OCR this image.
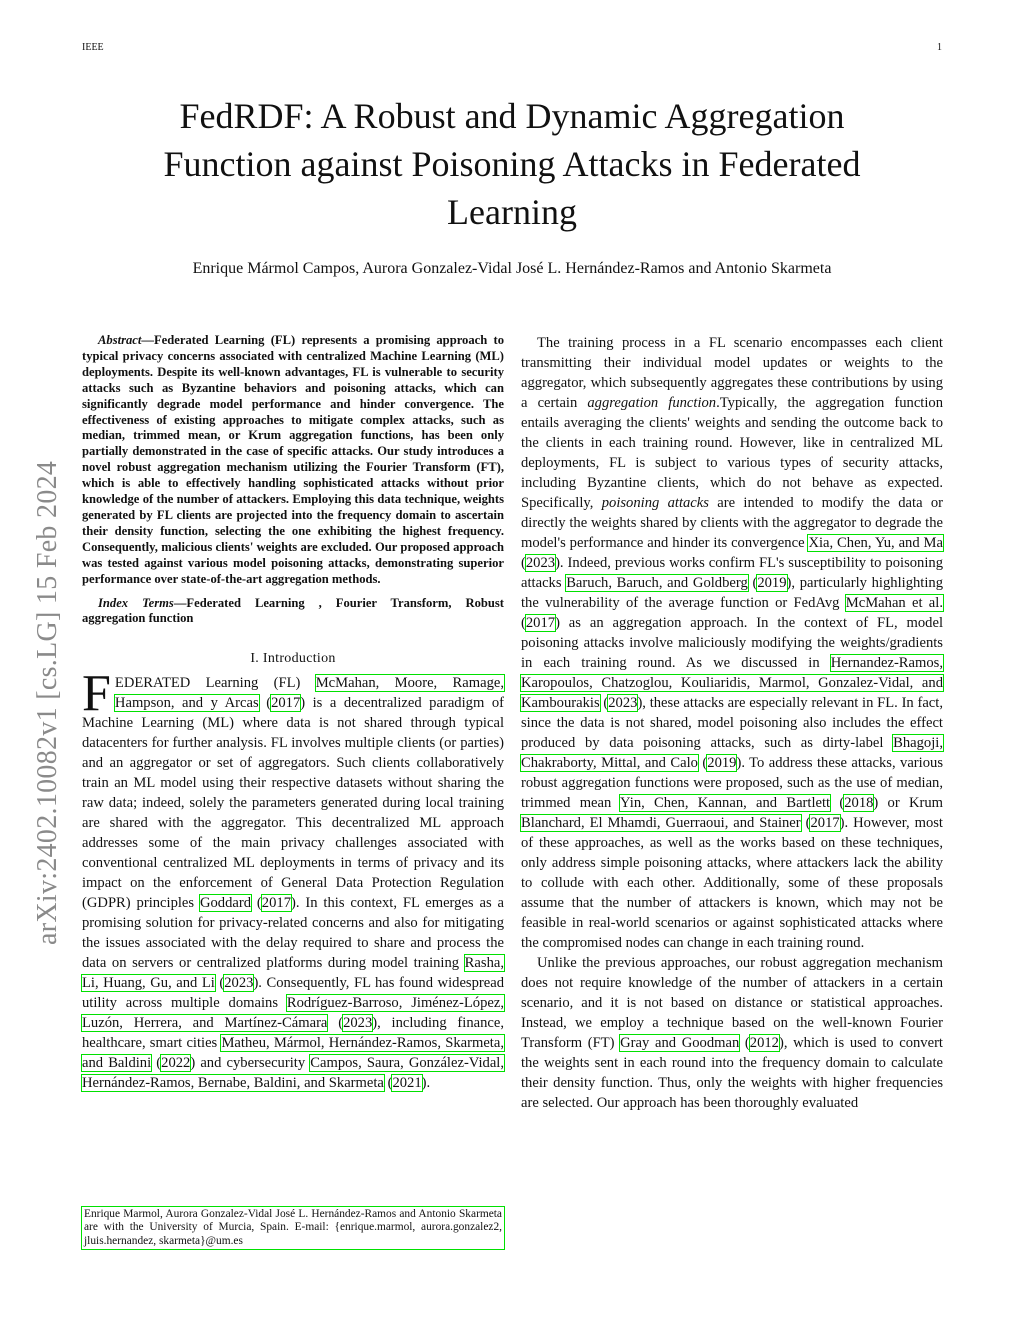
IEEE	1
FedRDF: A Robust and Dynamic Aggregation Function against Poisoning Attacks in Federated Learning
Enrique Mármol Campos, Aurora Gonzalez-Vidal José L. Hernández-Ramos and Antonio Skarmeta
arXiv:2402.10082v1 [cs.LG] 15 Feb 2024

Abstract—Federated Learning (FL) represents a promising approach to typical privacy concerns associated with centralized Machine Learning (ML) deployments. Despite its well-known advantages, FL is vulnerable to security attacks such as Byzantine behaviors and poisoning attacks, which can significantly degrade model performance and hinder convergence. The effectiveness of existing approaches to mitigate complex attacks, such as median, trimmed mean, or Krum aggregation functions, has been only partially demonstrated in the case of specific attacks. Our study introduces a novel robust aggregation mechanism utilizing the Fourier Transform (FT), which is able to effectively handling sophisticated attacks without prior knowledge of the number of attackers. Employing this data technique, weights generated by FL clients are projected into the frequency domain to ascertain their density function, selecting the one exhibiting the highest frequency. Consequently, malicious clients' weights are excluded. Our proposed approach was tested against various model poisoning attacks, demonstrating superior performance over state-of-the-art aggregation methods.

Index Terms—Federated Learning , Fourier Transform, Robust aggregation function

I. Introduction

FEDERATED Learning (FL) McMahan, Moore, Ramage, Hampson, and y Arcas (2017) is a decentralized paradigm of Machine Learning (ML) where data is not shared through typical datacenters for further analysis. FL involves multiple clients (or parties) and an aggregator or set of aggregators. Such clients collaboratively train an ML model using their respective datasets without sharing the raw data; indeed, solely the parameters generated during local training are shared with the aggregator. This decentralized ML approach addresses some of the main privacy challenges associated with conventional centralized ML deployments in terms of privacy and its impact on the enforcement of General Data Protection Regulation (GDPR) principles Goddard (2017). In this context, FL emerges as a promising solution for privacy-related concerns and also for mitigating the issues associated with the delay required to share and process the data on servers or centralized platforms during model training Rasha, Li, Huang, Gu, and Li (2023). Consequently, FL has found widespread utility across multiple domains Rodríguez-Barroso, Jiménez-López, Luzón, Herrera, and Martínez-Cámara (2023), including finance, healthcare, smart cities Matheu, Mármol, Hernández-Ramos, Skarmeta, and Baldini (2022) and cybersecurity Campos, Saura, González-Vidal, Hernández-Ramos, Bernabe, Baldini, and Skarmeta (2021).

The training process in a FL scenario encompasses each client transmitting their individual model updates or weights to the aggregator, which subsequently aggregates these contributions by using a certain aggregation function.Typically, the aggregation function entails averaging the clients' weights and sending the outcome back to the clients in each training round. However, like in centralized ML deployments, FL is subject to various types of security attacks, including Byzantine clients, which do not behave as expected. Specifically, poisoning attacks are intended to modify the data or directly the weights shared by clients with the aggregator to degrade the model's performance and hinder its convergence Xia, Chen, Yu, and Ma (2023). Indeed, previous works confirm FL's susceptibility to poisoning attacks Baruch, Baruch, and Goldberg (2019), particularly highlighting the vulnerability of the average function or FedAvg McMahan et al. (2017) as an aggregation approach. In the context of FL, model poisoning attacks involve maliciously modifying the weights/gradients in each training round. As we discussed in Hernandez-Ramos, Karopoulos, Chatzoglou, Kouliaridis, Marmol, Gonzalez-Vidal, and Kambourakis (2023), these attacks are especially relevant in FL. In fact, since the data is not shared, model poisoning also includes the effect produced by data poisoning attacks, such as dirty-label Bhagoji, Chakraborty, Mittal, and Calo (2019). To address these attacks, various robust aggregation functions were proposed, such as the use of median, trimmed mean Yin, Chen, Kannan, and Bartlett (2018) or Krum Blanchard, El Mhamdi, Guerraoui, and Stainer (2017). However, most of these approaches, as well as the works based on these techniques, only address simple poisoning attacks, where attackers lack the ability to collude with each other. Additionally, some of these proposals assume that the number of attackers is known, which may not be feasible in real-world scenarios or against sophisticated attacks where the compromised nodes can change in each training round.

Unlike the previous approaches, our robust aggregation mechanism does not require knowledge of the number of attackers in a certain scenario, and it is not based on distance or statistical approaches. Instead, we employ a technique based on the well-known Fourier Transform (FT) Gray and Goodman (2012), which is used to convert the weights sent in each round into the frequency domain to calculate their density function. Thus, only the weights with higher frequencies are selected. Our approach has been thoroughly evaluated

Enrique Marmol, Aurora Gonzalez-Vidal José L. Hernández-Ramos and Antonio Skarmeta are with the University of Murcia, Spain. E-mail: {enrique.marmol, aurora.gonzalez2, jluis.hernandez, skarmeta}@um.es
